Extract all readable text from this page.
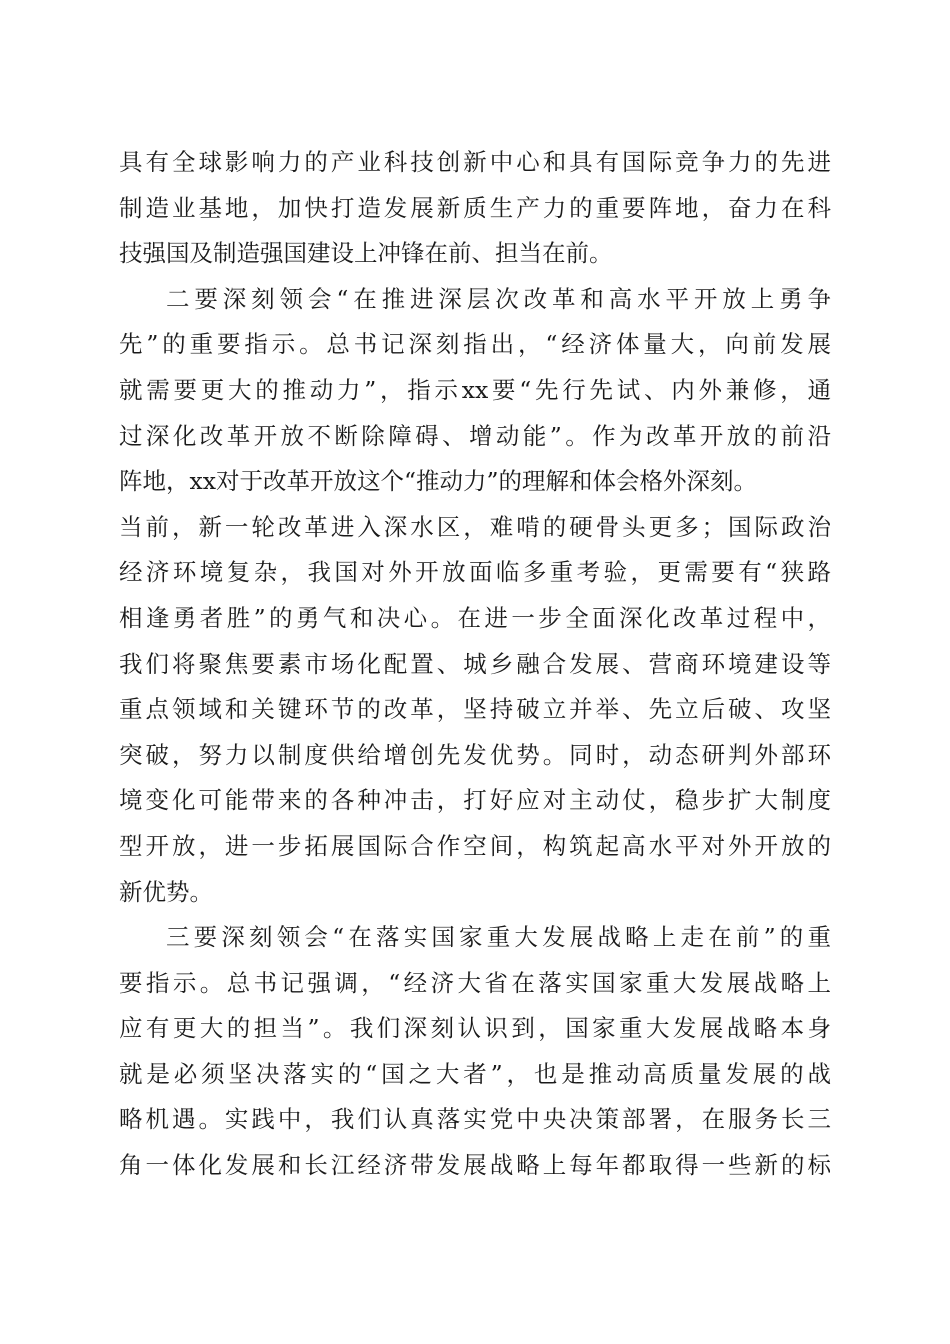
具有全球影响力的产业科技创新中心和具有国际竞争力的先进
制造业基地，加快打造发展新质生产力的重要阵地，奋力在科
技强国及制造强国建设上冲锋在前、担当在前。
二要深刻领会“在推进深层次改革和高水平开放上勇争
先”的重要指示。总书记深刻指出，“经济体量大，向前发展
就需要更大的推动力”，指示xx要“先行先试、内外兼修，通
过深化改革开放不断除障碍、增动能”。作为改革开放的前沿
阵地，xx对于改革开放这个“推动力”的理解和体会格外深刻。
当前，新一轮改革进入深水区，难啃的硬骨头更多；国际政治
经济环境复杂，我国对外开放面临多重考验，更需要有“狭路
相逢勇者胜”的勇气和决心。在进一步全面深化改革过程中，
我们将聚焦要素市场化配置、城乡融合发展、营商环境建设等
重点领域和关键环节的改革，坚持破立并举、先立后破、攻坚
突破，努力以制度供给增创先发优势。同时，动态研判外部环
境变化可能带来的各种冲击，打好应对主动仗，稳步扩大制度
型开放，进一步拓展国际合作空间，构筑起高水平对外开放的
新优势。
三要深刻领会“在落实国家重大发展战略上走在前”的重
要指示。总书记强调，“经济大省在落实国家重大发展战略上
应有更大的担当”。我们深刻认识到，国家重大发展战略本身
就是必须坚决落实的“国之大者”，也是推动高质量发展的战
略机遇。实践中，我们认真落实党中央决策部署，在服务长三
角一体化发展和长江经济带发展战略上每年都取得一些新的标
